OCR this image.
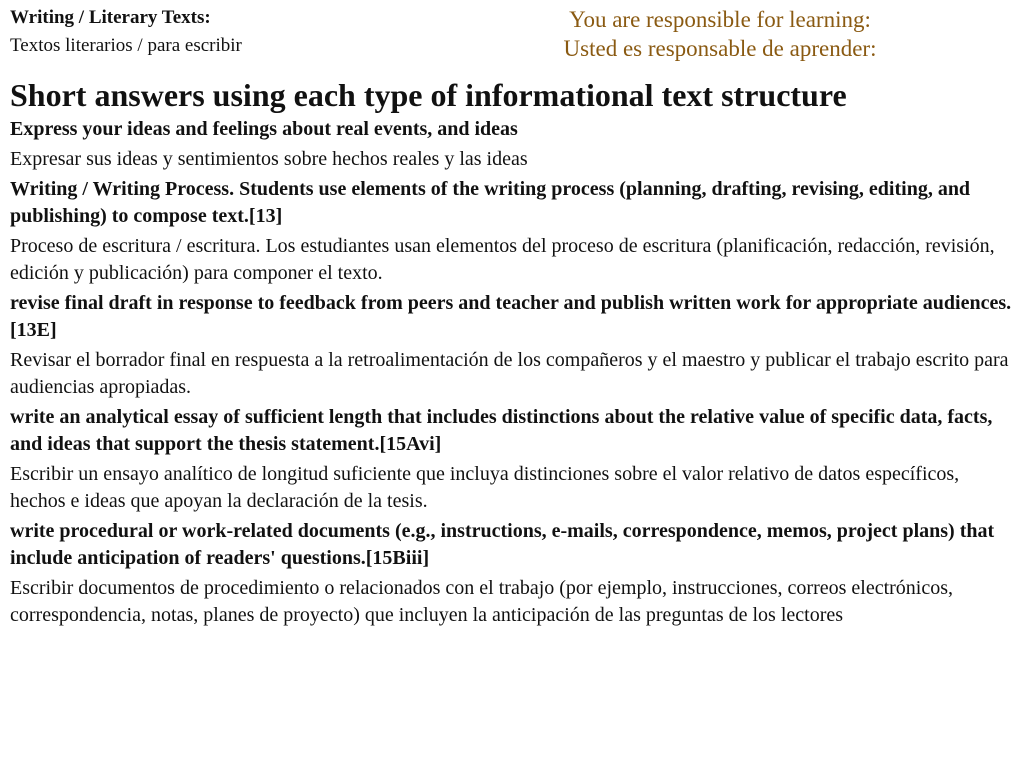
Writing / Literary Texts:
Textos literarios / para escribir
You are responsible for learning:
Usted es responsable de aprender:
Short answers using each type of informational text structure
Express your ideas and feelings about real events, and ideas
Expresar sus ideas y sentimientos sobre hechos reales y las ideas
Writing / Writing Process. Students use elements of the writing process (planning, drafting, revising, editing, and publishing) to compose text.[13]
Proceso de escritura / escritura. Los estudiantes usan elementos del proceso de escritura (planificación, redacción, revisión, edición y publicación) para componer el texto.
revise final draft in response to feedback from peers and teacher and publish written work for appropriate audiences.[13E]
Revisar el borrador final en respuesta a la retroalimentación de los compañeros y el maestro y publicar el trabajo escrito para audiencias apropiadas.
write an analytical essay of sufficient length that includes distinctions about the relative value of specific data, facts, and ideas that support the thesis statement.[15Avi]
Escribir un ensayo analítico de longitud suficiente que incluya distinciones sobre el valor relativo de datos específicos, hechos e ideas que apoyan la declaración de la tesis.
write procedural or work-related documents (e.g., instructions, e-mails, correspondence, memos, project plans) that include anticipation of readers' questions.[15Biii]
Escribir documentos de procedimiento o relacionados con el trabajo (por ejemplo, instrucciones, correos electrónicos, correspondencia, notas, planes de proyecto) que incluyen la anticipación de las preguntas de los lectores
